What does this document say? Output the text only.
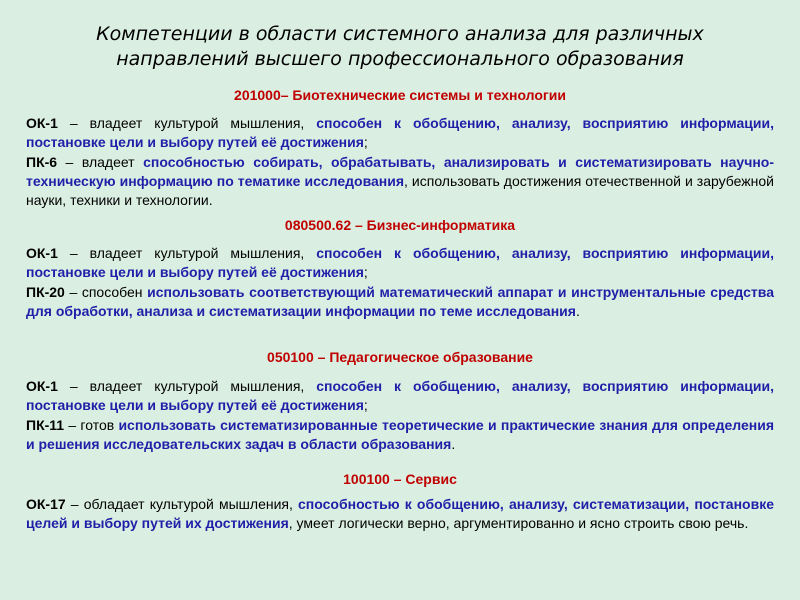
Компетенции в области системного анализа для различных
направлений высшего профессионального образования
201000– Биотехнические системы и технологии

ОК-1 – владеет культурой мышления, способен к обобщению, анализу, восприятию информации, постановке цели и выбору путей её достижения;

ПК-6 – владеет способностью собирать, обрабатывать, анализировать и систематизировать научно-техническую информацию по тематике исследования, использовать достижения отечественной и зарубежной науки, техники и технологии.

080500.62 – Бизнес-информатика

ОК-1 – владеет культурой мышления, способен к обобщению, анализу, восприятию информации, постановке цели и выбору путей её достижения;

ПК-20 – способен использовать соответствующий математический аппарат и инструментальные средства для обработки, анализа и систематизации информации по теме исследования.

050100 – Педагогическое образование

ОК-1 – владеет культурой мышления, способен к обобщению, анализу, восприятию информации, постановке цели и выбору путей её достижения;

ПК-11 – готов использовать систематизированные теоретические и практические знания для определения и решения исследовательских задач в области образования.

100100 – Сервис

ОК-17 – обладает культурой мышления, способностью к обобщению, анализу, систематизации, постановке целей и выбору путей их достижения, умеет логически верно, аргументированно и ясно строить свою речь.
